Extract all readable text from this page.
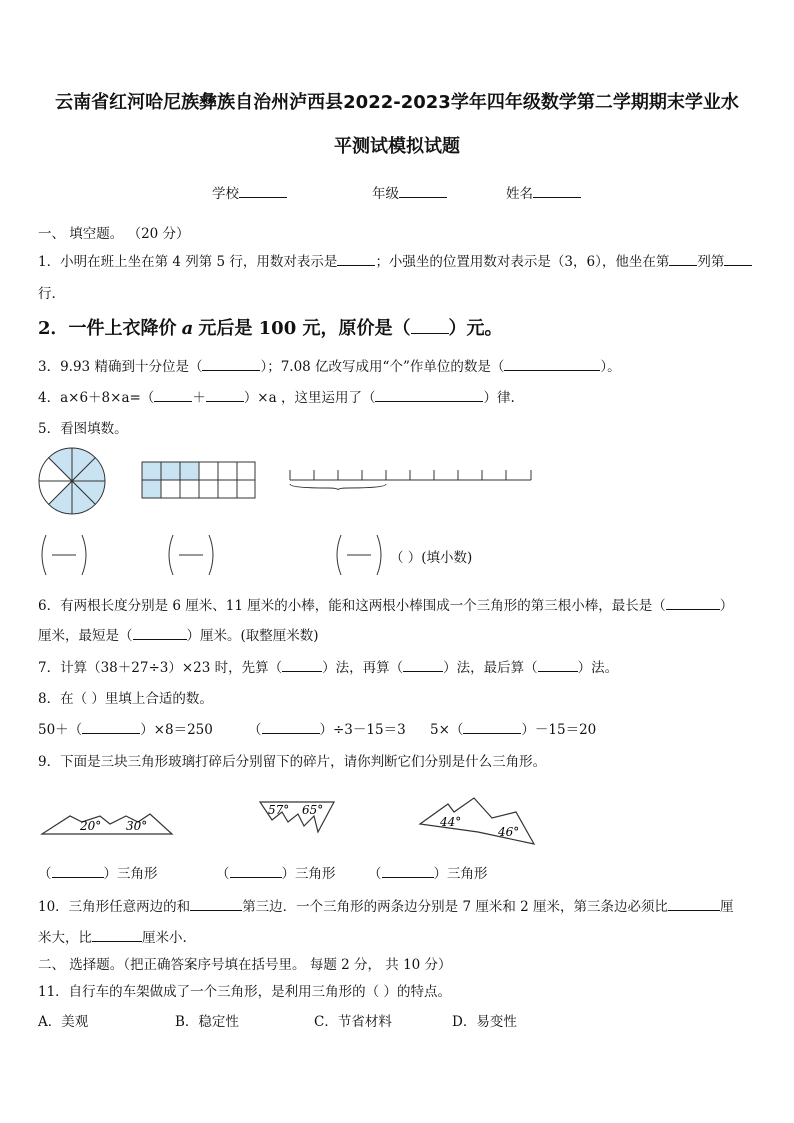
云南省红河哈尼族彝族自治州泸西县2022-2023学年四年级数学第二学期期末学业水
平测试模拟试题
学校	年级	姓名
一、 填空题。 （20 分）
1．小明在班上坐在第 4 列第 5 行，用数对表示是	；小强坐的位置用数对表示是（3，6），他坐在第 列第
行.
2．一件上衣降价 a 元后是 100 元，原价是（ ）元。
3．9.93 精确到十分位是（	）；7.08 亿改写成用“个”作单位的数是（	）。
4．a×6＋8×a=（	＋	）×a ，这里运用了（	）律.
5．看图填数。
（ ）(填小数)
6．有两根长度分别是 6 厘米、11 厘米的小棒，能和这两根小棒围成一个三角形的第三根小棒，最长是（	）
厘米，最短是（	）厘米。(取整厘米数)
7．计算（38＋27÷3）×23 时，先算（	）法，再算（	）法，最后算（	）法。
8．在（ ）里填上合适的数。
50＋（	）×8＝250	（	）÷3－15＝3 5×（	）－15＝20
9．下面是三块三角形玻璃打碎后分别留下的碎片，请你判断它们分别是什么三角形。
20° 30°
57° 65°
44°
46°
（	）三角形	（	）三角形 （	）三角形
10．三角形任意两边的和	第三边．一个三角形的两条边分别是 7 厘米和 2 厘米，第三条边必须比	厘
米大，比	厘米小.
二、 选择题。（把正确答案序号填在括号里。 每题 2 分， 共 10 分）
11．自行车的车架做成了一个三角形，是利用三角形的（ ）的特点。
A．美观	B．稳定性	C．节省材料	D．易变性
